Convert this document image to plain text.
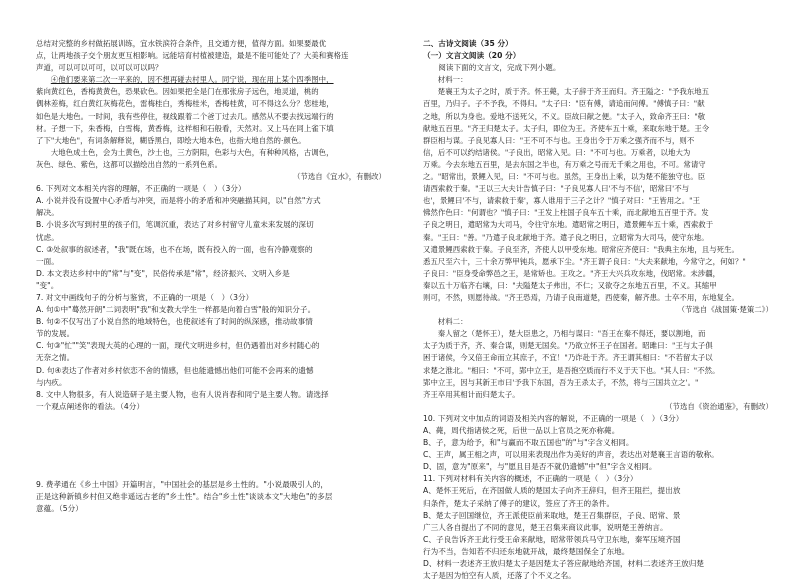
总结对完整的乡村做拓展训练，宜水铁滨符合条件，且交通方便，值得方面。如果要最优
点，让两地孩子交个朋友更互相影响。远能培育村植被建造，最是不能可能处了？大美和赛格连
声道，可以可以可可，以可以可以吗？
④他们要来第二次一平来的，因不想再碰去村里人。同宁说，现在用上某个四季图中，
紫向黄红色，香梅黄黄色，恐果砍色。因如果把全是门在那张房子远色，地灵道，桃的
偶林差梅，红白黄红灰梅花色，雷梅桂白，秀梅桂米，香梅桂黄，可不得这么分？您桂地，
如色是大地色。一时间，我有些停住，视线跟着二个爸丁过去几。感然从不要去找远端行的
材。子想一下，朱香梅，白雪梅，黄香梅，这样相和石般看，天然对。又上马在同上雀下填
了下"大地色"，有词条解释说，糊昏黑白，即绘大地本色，也指大地自然的·颜色。
大地色成土色，会为土黄色，沙土也，三方阴阳，色彩与大色，有种种风格，古调色，
灰色、绿色、紫色，这都可以描绘出自然的一系列色系。
（节选自《宜水》，有删改）
6. 下列对文本相关内容的理解，不正确的一项是（　）（3分）
A. 小说并没有设置中心矛盾与冲突，而是将小的矛盾和冲突融描其间，以"自然"方式
解决。
B. 小说多次写到村里的孩子们，笔调沉重，表达了对乡村留守儿童未来发展的深切
忧虑。
C. ③处叙事的叙述者，"我"既在场，也不在场，既有投入的一面，也有冷静观察的
一面。
D. 本文表达乡村中的"常"与"变"，民俗传承是"常"，经济振兴、文明入乡是
"变"。
7. 对文中画线句子的分析与鉴赏，不正确的一项是（　）（3分）
A. 句①中"蓦然开朗"二词表明"我"和支教大学生一样都是向着白雪"般的知识分子。
B. 句②不仅写出了小说自然的地域特色，也使叙述有了时间的纵深感，推动故事情
节的发展。
C. 句③"忙""笑"表现大英的心理的一面，现代文明进乡村，但仍遇着出对乡村随心的
无奈之情。
D. 句④表达了作者对乡村依恋不舍的情感，但也能遗憾出他们可能不会再来的遗憾
与内疚。
8. 文中人物很多，有人说造研子是主要人物，也有人说肖春和同宁是主要人物。请选择
一个观点阐述你的看法。（4分）
9. 费孝通在《乡土中国》开篇明言，"中国社会的基层是乡土性的。"小说最吸引人的，
正是这种新镇乡村但又绝非遥远古老的"乡土性"。结合"乡土性"谈谈本文"大地色"的多层
意蕴。（5分）
二、古诗文阅读（35 分）
（一）文言文阅读（20 分）
阅读下面的文言文，完成下列小题。
材料一：
楚襄王为太子之时，质于齐。怀王薨，太子辞于齐王而归。齐王隘之："予我东地五
百里，乃归子。子不予我，不得归。"太子曰："臣有傅，请追而问傅。"傅慎子曰："献
之地，所以为身也。爱地不送死父，不义。臣故曰献之便。"太子入，致命齐王曰："敬
献地五百里。"齐王归楚太子。太子归，即位为王。齐使车五十乘，来取东地于楚。王令
群臣相与谋。子良见寡人曰："王不可不与也。王身出令于万乘之强齐而不与，则不
信，后不可以约结诸侯。"子良出，昭常入见。曰："不可与也。万乘者，以地大为
万乘。今去东地五百里，是去东国之半也，有万乘之号而无千乘之用也，不可。常请守
之。"昭常出，景鲤入见，曰："不可与也。虽然，王身出上乘，以为楚不能独守也。臣
请西索救于秦。"王以三大夫计告慎子曰："子良见寡人曰'不与不信'，昭常曰'不与
也'，景鲤曰'不与，请索救于秦'，寡人谁用于三子之计？"慎子对曰："王皆用之。"王
怫然作色曰："何谓也？"慎子曰："王发上柱国子良车五十乘，而北献地五百里于齐。发
子良之明日，遣昭常为大司马，令往守东地。遣昭常之明日，遣景鲤车五十乘，西索救于
秦。"王曰："善。"乃遣子良北献地于齐。遣子良之明日，立昭常为大司马，使守东地。
又遣景鲤西索救于秦。子良至齐，齐使人以甲受东地。昭常应齐使曰："我典主东地，且与死生。
悉五尺至六十，三十余万弊甲钝兵，愿承下尘。"齐王谓子良曰："大夫来献地，今常守之，何如？"
子良曰："臣身受命弊邑之王，是常矫也。王攻之。"齐王大兴兵攻东地，伐昭常。未涉疆，
秦以五十万临齐右壤，曰："夫隘楚太子弗出，不仁；又欲夺之东地五百里，不义。其缩甲
则可，不然，则愿待战。"齐王恐焉，乃请子良南道楚，西使秦，解齐患。士卒不用，东地复全。
（节选自《战国策·楚策二》）
材料二：
秦人留之（楚怀王），楚大臣患之，乃相与谋曰："吾王在秦不得还，要以割地，而
太子为质于齐，齐、秦合谋，则楚无国矣。"乃欲立怀王子在国者。昭雎曰："王与太子俱
困于诸侯，今又倍王命而立其庶子，不宜！"乃诈赴于齐。齐王谓其相曰："不若留太子以
求楚之淮北。"相曰："不可，郢中立王，是吾抱空质而行不义于天下也。"其人曰："不然。
郢中立王，因与其新王市曰'予我下东国，吾为王杀太子，不然，将与三国共立之'。"
齐王卒用其相计而归楚太子。
（节选自《资治通鉴》，有删改）
10. 下列对文中加点的词语及相关内容的解说，不正确的一项是（　）（3分）
A、薨，周代指诸侯之死，后世一品以上官员之死亦称薨。
B、子，意为给予，和"与赢而不取五国也"的"与"字含义相同。
C、王声，属王相之声，可以用来表现出作为美好的声音，表达出对楚襄王言语的敬称。
D、固，意为"原来"，与"愿且目是否不就仍遗憾"中"但"字含义相同。
11. 下列对材料有关内容的概述，不正确的一项是（　）（3分）
A、楚怀王死后，在齐国做人质的楚国太子向齐王辞归，但齐王阻拦，提出放
归条件，楚太子采纳了傅子的建议，签应了齐王的条件。
B、楚太子回国继位，齐王派使臣前来取地，楚王召集群臣，子良、昭常、景
广三人各自提出了不同的意见，楚王召集来商议此事，说明楚王善纳言。
C、子良告诉齐王此行受王命来献地，昭常带领兵马守卫东地，秦军压境齐国
行为不当，告知若不归还东地就开战，最终楚国保全了东地。
D、材料一表述齐王放归楚太子是因楚太子答应献地给齐国，材料二表述齐王放归楚
太子是因为怕空有人质，还落了个不义之名。
